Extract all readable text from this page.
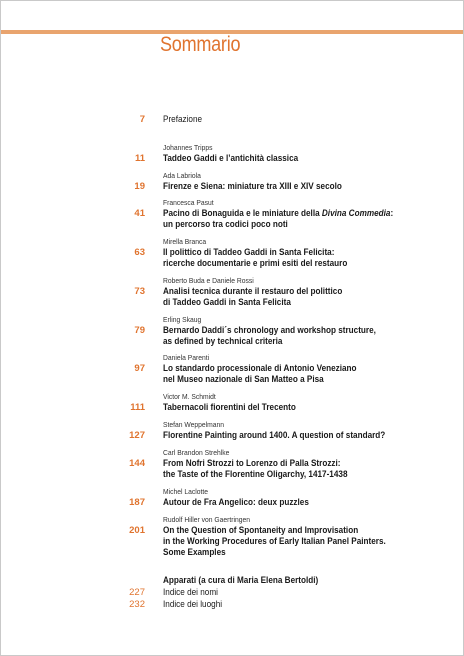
Sommario
7 Prefazione
Johannes Tripps
11 Taddeo Gaddi e l’antichità classica
Ada Labriola
19 Firenze e Siena: miniature tra XIII e XIV secolo
Francesca Pasut
41 Pacino di Bonaguida e le miniature della Divina Commedia:
un percorso tra codici poco noti
Mirella Branca
63 Il polittico di Taddeo Gaddi in Santa Felicita:
ricerche documentarie e primi esiti del restauro
Roberto Buda e Daniele Rossi
73 Analisi tecnica durante il restauro del polittico
di Taddeo Gaddi in Santa Felicita
Erling Skaug
79 Bernardo Daddi´s chronology and workshop structure,
as defined by technical criteria
Daniela Parenti
97 Lo standardo processionale di Antonio Veneziano
nel Museo nazionale di San Matteo a Pisa
Victor M. Schmidt
111 Tabernacoli fiorentini del Trecento
Stefan Weppelmann
127 Florentine Painting around 1400. A question of standard?
Carl Brandon Strehlke
144 From Nofri Strozzi to Lorenzo di Palla Strozzi:
the Taste of the Florentine Oligarchy, 1417-1438
Michel Laclotte
187 Autour de Fra Angelico: deux puzzles
Rudolf Hiller von Gaertringen
201 On the Question of Spontaneity and Improvisation
in the Working Procedures of Early Italian Panel Painters.
Some Examples
Apparati (a cura di Maria Elena Bertoldi)
227 Indice dei nomi
232 Indice dei luoghi
